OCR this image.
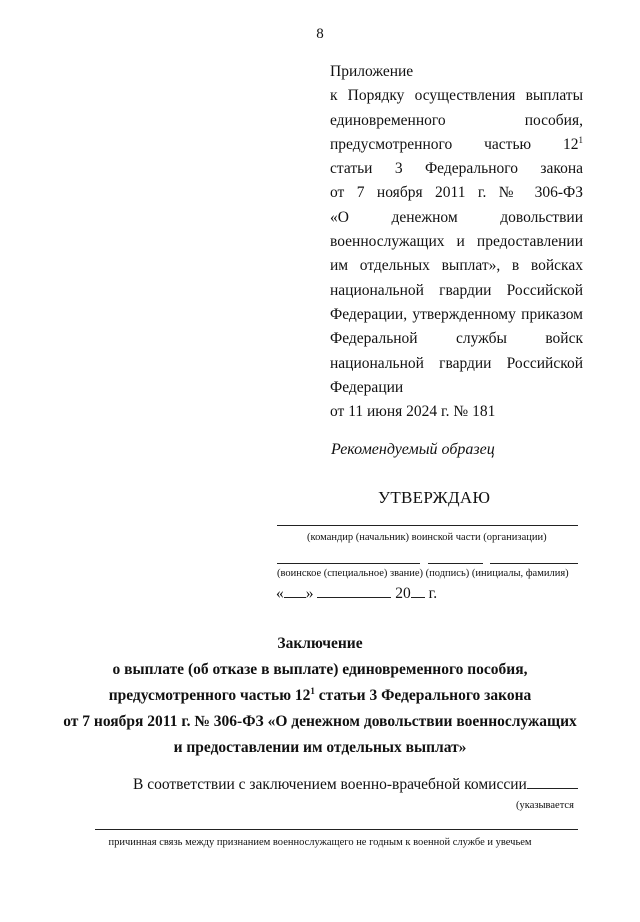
8
Приложение
к Порядку осуществления выплаты
единовременного пособия,
предусмотренного частью $12^1$
статьи 3 Федерального закона
от 7 ноября 2011 г. № 306-ФЗ
«О денежном довольствии
военнослужащих и предоставлении
им отдельных выплат», в войсках
национальной гвардии Российской
Федерации, утвержденному приказом
Федеральной службы войск
национальной гвардии Российской
Федерации
от 11 июня 2024 г. № 181
Рекомендуемый образец
УТВЕРЖДАЮ
(командир (начальник) воинской части (организации)
(воинское (специальное) звание) (подпись) (инициалы, фамилия)
« »	20 г.
Заключение
о выплате (об отказе в выплате) единовременного пособия,
предусмотренного частью $12^1$ статьи 3 Федерального закона
от 7 ноября 2011 г. № 306-ФЗ «О денежном довольствии военнослужащих
и предоставлении им отдельных выплат»
В соответствии с заключением военно-врачебной комиссии
(указывается
причинная связь между признанием военнослужащего не годным к военной службе и увечьем
